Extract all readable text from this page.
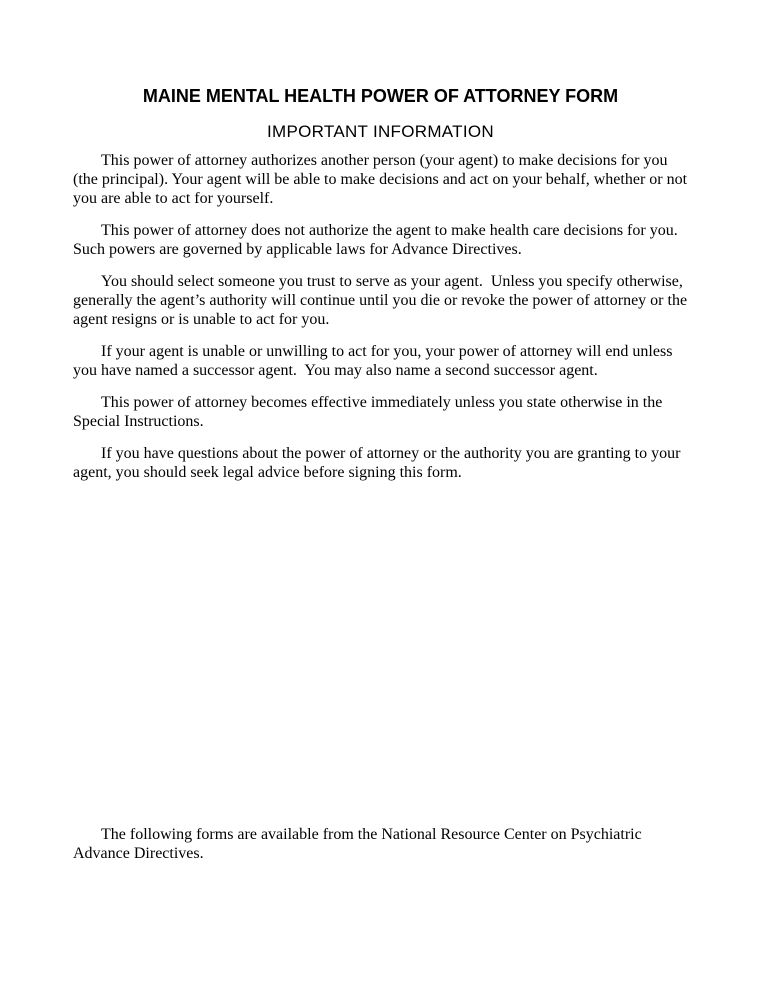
MAINE MENTAL HEALTH POWER OF ATTORNEY FORM
IMPORTANT INFORMATION

This power of attorney authorizes another person (your agent) to make decisions for you (the principal). Your agent will be able to make decisions and act on your behalf, whether or not you are able to act for yourself.

This power of attorney does not authorize the agent to make health care decisions for you. Such powers are governed by applicable laws for Advance Directives.

You should select someone you trust to serve as your agent.  Unless you specify otherwise, generally the agent’s authority will continue until you die or revoke the power of attorney or the agent resigns or is unable to act for you.

If your agent is unable or unwilling to act for you, your power of attorney will end unless you have named a successor agent.  You may also name a second successor agent.

This power of attorney becomes effective immediately unless you state otherwise in the Special Instructions.

If you have questions about the power of attorney or the authority you are granting to your agent, you should seek legal advice before signing this form.

The following forms are available from the National Resource Center on Psychiatric Advance Directives.
